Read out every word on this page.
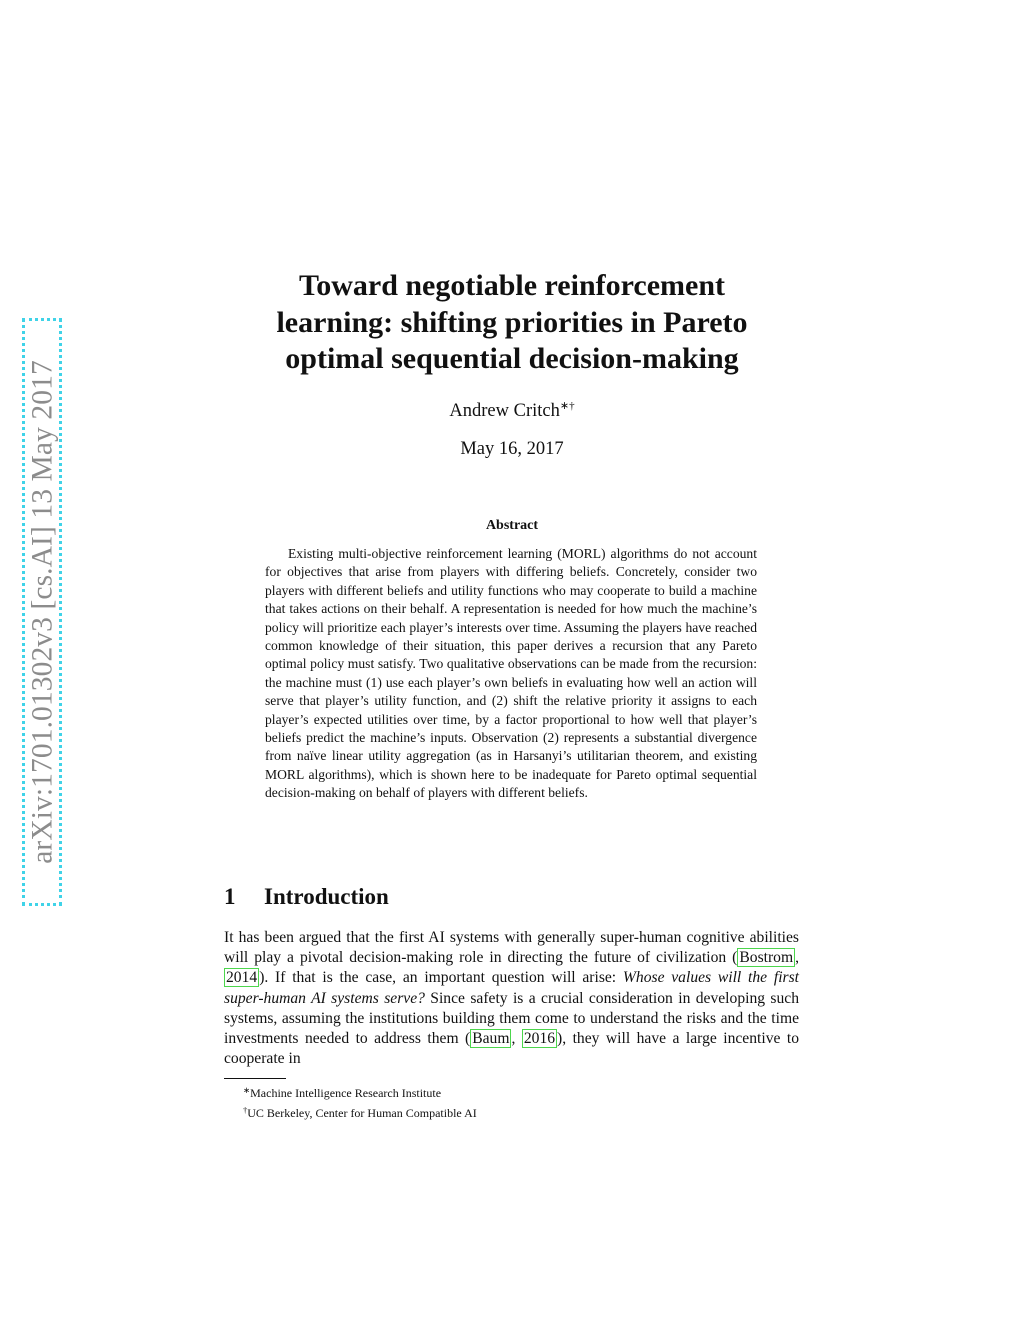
arXiv:1701.01302v3 [cs.AI] 13 May 2017
Toward negotiable reinforcement
learning: shifting priorities in Pareto
optimal sequential decision-making
Andrew Critch∗†
May 16, 2017
Abstract

Existing multi-objective reinforcement learning (MORL) algorithms do not account for objectives that arise from players with differing beliefs. Concretely, consider two players with different beliefs and utility functions who may cooperate to build a machine that takes actions on their behalf. A representation is needed for how much the machine’s policy will prioritize each player’s interests over time. Assuming the players have reached common knowledge of their situation, this paper derives a recursion that any Pareto optimal policy must satisfy. Two qualitative observations can be made from the recursion: the machine must (1) use each player’s own beliefs in evaluating how well an action will serve that player’s utility function, and (2) shift the relative priority it assigns to each player’s expected utilities over time, by a factor proportional to how well that player’s beliefs predict the machine’s inputs. Observation (2) represents a substantial divergence from naïve linear utility aggregation (as in Harsanyi’s utilitarian theorem, and existing MORL algorithms), which is shown here to be inadequate for Pareto optimal sequential decision-making on behalf of players with different beliefs.

1 Introduction

It has been argued that the first AI systems with generally super-human cognitive abilities will play a pivotal decision-making role in directing the future of civilization ( Bostrom , 2014 ). If that is the case, an important question will arise: Whose values will the first super-human AI systems serve? Since safety is a crucial consideration in developing such systems, assuming the institutions building them come to understand the risks and the time investments needed to address them ( Baum , 2016 ), they will have a large incentive to cooperate in

∗Machine Intelligence Research Institute
†UC Berkeley, Center for Human Compatible AI
